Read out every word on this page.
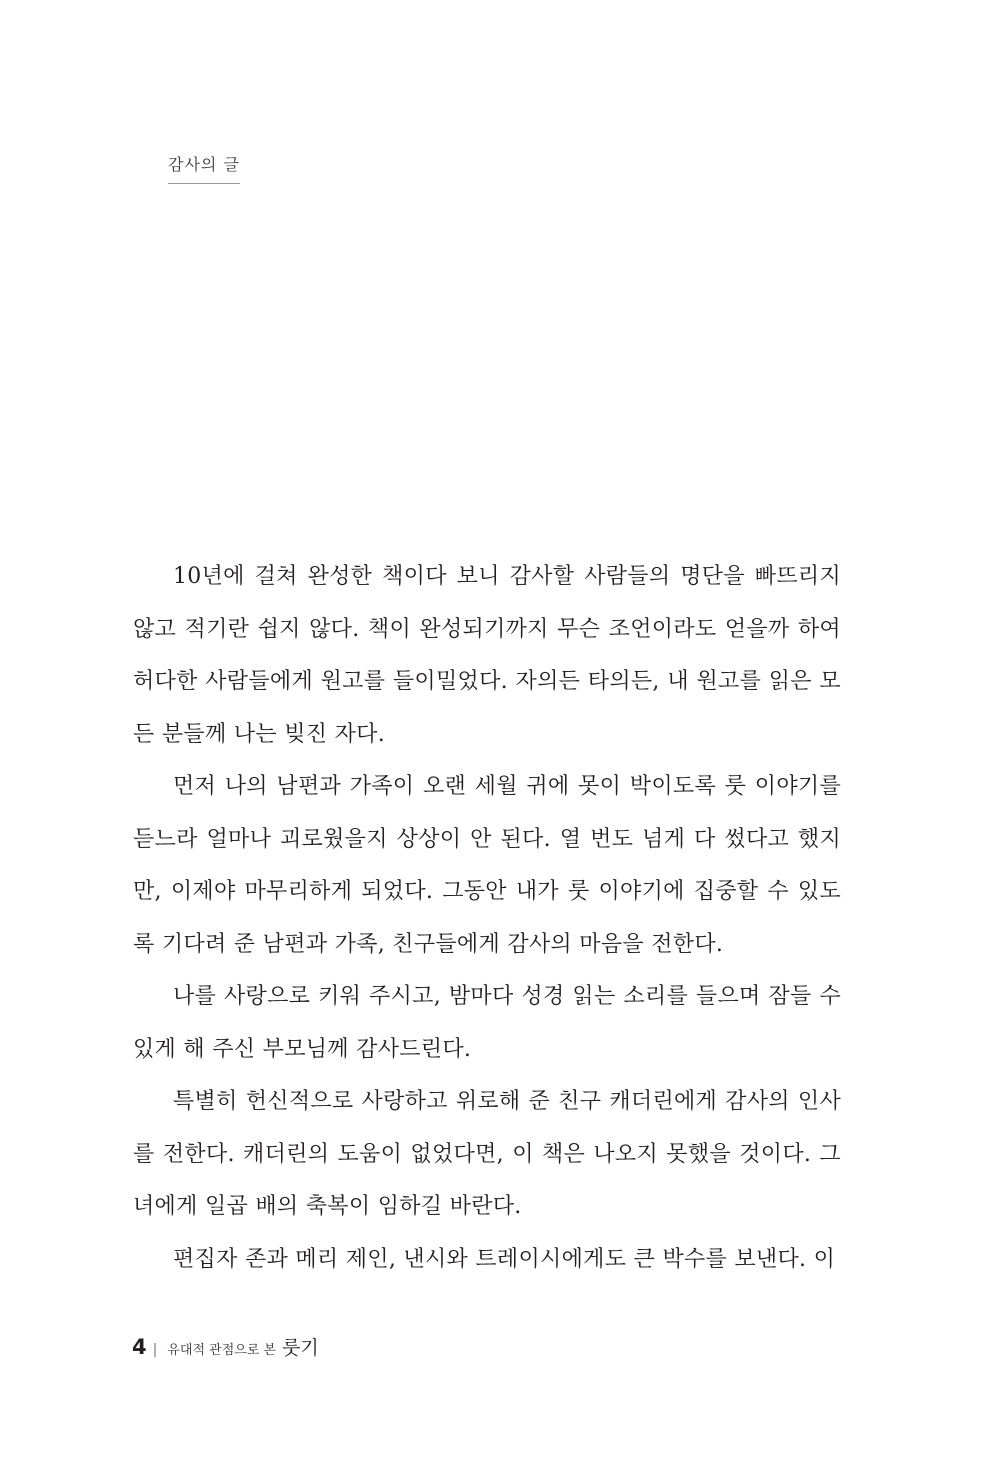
감사의 글

10년에 걸쳐 완성한 책이다 보니 감사할 사람들의 명단을 빠뜨리지 않고 적기란 쉽지 않다. 책이 완성되기까지 무슨 조언이라도 얻을까 하여 허다한 사람들에게 원고를 들이밀었다. 자의든 타의든, 내 원고를 읽은 모든 분들께 나는 빚진 자다.

먼저 나의 남편과 가족이 오랜 세월 귀에 못이 박이도록 룻 이야기를 듣느라 얼마나 괴로웠을지 상상이 안 된다. 열 번도 넘게 다 썼다고 했지만, 이제야 마무리하게 되었다. 그동안 내가 룻 이야기에 집중할 수 있도록 기다려 준 남편과 가족, 친구들에게 감사의 마음을 전한다.

나를 사랑으로 키워 주시고, 밤마다 성경 읽는 소리를 들으며 잠들 수 있게 해 주신 부모님께 감사드린다.

특별히 헌신적으로 사랑하고 위로해 준 친구 캐더린에게 감사의 인사를 전한다. 캐더린의 도움이 없었다면, 이 책은 나오지 못했을 것이다. 그녀에게 일곱 배의 축복이 임하길 바란다.

편집자 존과 메리 제인, 낸시와 트레이시에게도 큰 박수를 보낸다. 이

4 | 유대적 관점으로 본 룻기
